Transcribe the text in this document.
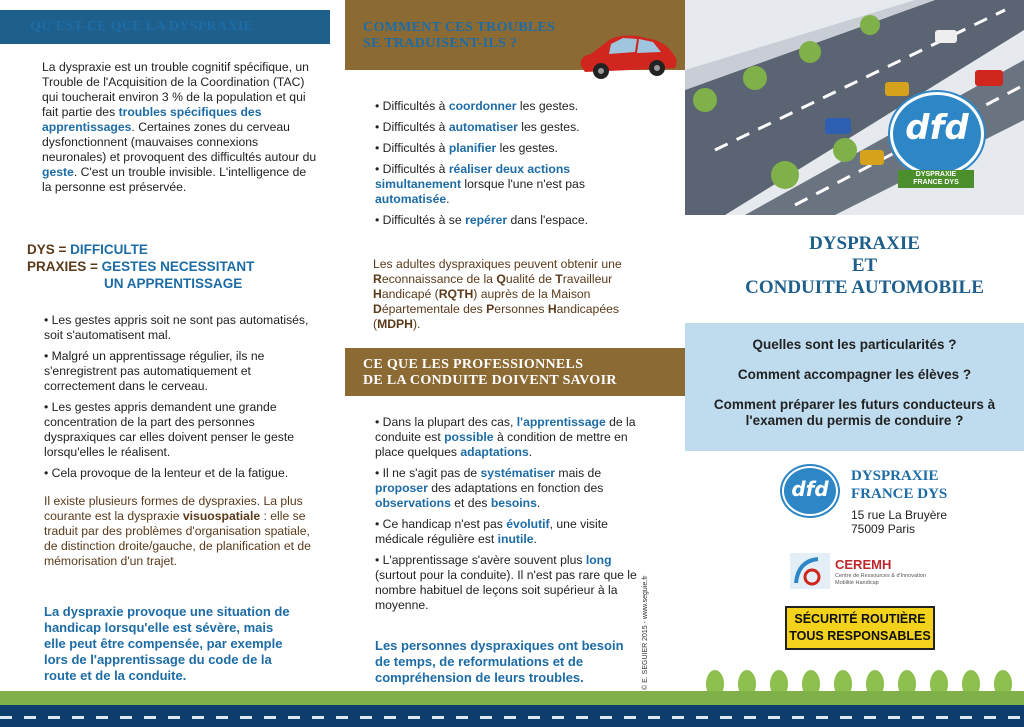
QU'EST-CE QUE LA DYSPRAXIE
La dyspraxie est un trouble cognitif spécifique, un Trouble de l'Acquisition de la Coordination (TAC) qui toucherait environ 3 % de la population et qui fait partie des troubles spécifiques des apprentissages. Certaines zones du cerveau dysfonctionnent (mauvaises connexions neuronales) et provoquent des difficultés autour du geste. C'est un trouble invisible. L'intelligence de la personne est préservée.
DYS = DIFFICULTE
PRAXIES = GESTES NECESSITANT
UN APPRENTISSAGE
• Les gestes appris soit ne sont pas automatisés, soit s'automatisent mal.
• Malgré un apprentissage régulier, ils ne s'enregistrent pas automatiquement et correctement dans le cerveau.
• Les gestes appris demandent une grande concentration de la part des personnes dyspraxiques car elles doivent penser le geste lorsqu'elles le réalisent.
• Cela provoque de la lenteur et de la fatigue.
Il existe plusieurs formes de dyspraxies. La plus courante est la dyspraxie visuospatiale : elle se traduit par des problèmes d'organisation spatiale, de distinction droite/gauche, de planification et de mémorisation d'un trajet.
La dyspraxie provoque une situation de handicap lorsqu'elle est sévère, mais elle peut être compensée, par exemple lors de l'apprentissage du code de la route et de la conduite.
COMMENT CES TROUBLES
SE TRADUISENT-ILS ?
• Difficultés à coordonner les gestes.
• Difficultés à automatiser les gestes.
• Difficultés à planifier les gestes.
• Difficultés à réaliser deux actions simultanement lorsque l'une n'est pas automatisée.
• Difficultés à se repérer dans l'espace.
Les adultes dyspraxiques peuvent obtenir une Reconnaissance de la Qualité de Travailleur Handicapé (RQTH) auprès de la Maison Départementale des Personnes Handicapées (MDPH).
CE QUE LES PROFESSIONNELS
DE LA CONDUITE DOIVENT SAVOIR
• Dans la plupart des cas, l'apprentissage de la conduite est possible à condition de mettre en place quelques adaptations.
• Il ne s'agit pas de systématiser mais de proposer des adaptations en fonction des observations et des besoins.
• Ce handicap n'est pas évolutif, une visite médicale régulière est inutile.
• L'apprentissage s'avère souvent plus long (surtout pour la conduite). Il n'est pas rare que le nombre habituel de leçons soit supérieur à la moyenne.
Les personnes dyspraxiques ont besoin de temps, de reformulations et de compréhension de leurs troubles.	© E. SEGUIER 2015 - www.seguie.fr
dfd
DYSPRAXIE
FRANCE DYS
DYSPRAXIE
ET
CONDUITE AUTOMOBILE
Quelles sont les particularités ?
Comment accompagner les élèves ?
Comment préparer les futurs conducteurs à l'examen du permis de conduire ?
dfd
DYSPRAXIE
FRANCE DYS
15 rue La Bruyère
75009 Paris
CEREMH
Centre de Ressources & d'Innovation
Mobilité Handicap
SÉCURITÉ ROUTIÈRE
TOUS RESPONSABLES
